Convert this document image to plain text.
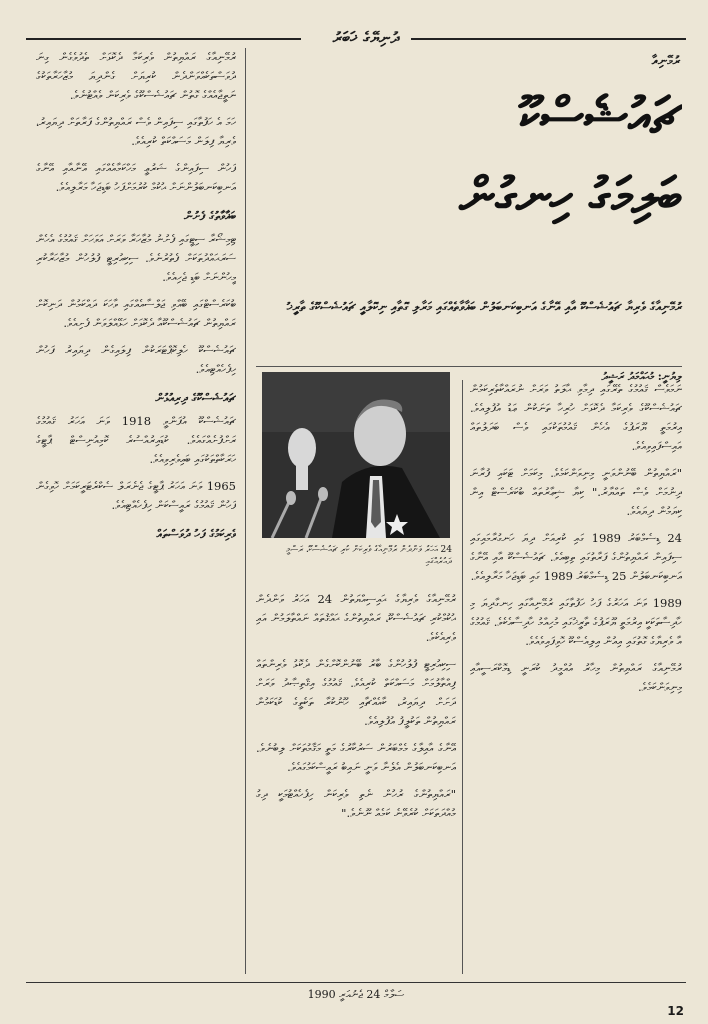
ދުނިޔޭގެ ޚަބަރު

ރުމޭނިއާގެ ރައްޔިތުން ވެރިކަމާ ދެކޮޅަށް ތެދުވެގެން ގިނަ ދުވަސްތަކެއްވަންދެން ކުރިޔަށް ގެންދިޔަ މުޒާހަރާތަކުގެ ނަތީޖާއެއްގެ ގޮތުން ޗައުޝެސްކޫގެ ވެރިކަން ވެއްޓުނެވެ.

ހަމަ އެ ހަފުތާގައި ސިފައިން ވެސް ރައްޔިތުންގެ ފަރާތަށް ދިޔައިރު، ވެރިޔާ ފިލަން މަސައްކަތް ކުރިއެވެ.

ފަހުން ސިފައިންގެ ޝަރުޢީ މަހްކަމާއެއްގައި އޭނާއާއި އޭނާގެ އަނބިކަނބަލުންނަށް ޙުކުމް ކުރުމަށްފަހު ބަޑިޖަހާ މަރާލިއެވެ.

ބަޣާވާތުގެ ފެށުން

ޓިމިޝޯރާ ސިޓީގައި ފެށުނު މުޒާހަރާ ވަރަށް އަވަހަށް ޤައުމުގެ އެހެން ސަރަޙައްދުތަކަށް ފެތުރުނެވެ. ސިކިއުރިޓީ ފުލުހުން މުޒާހަރާކުރި މީހުންނަށް ބަޑި ޖެހިއެވެ.

ބުކަރެސްޓްގައި ބޭއްވި ޖަލްސާއެއްގައި ވާހަކަ ދައްކަމުން ދަނިކޮށް ރައްޔިތުން ޗައުޝެސްކޫއާ ދެކޮޅަށް ހަޅޭއްލަވަން ފެށިއެވެ.

ޗައުޝެސްކޫ ހެލިކޮޕްޓަރަކުން ފިލައިގެން ދިޔައިރު ފަހުން ހިފެހެއްޓިއެވެ.

ޗައުޝެސްކޫގެ ދިރިއުޅުން

ޗައުޝެސްކޫ އުފަންވީ 1918 ވަނަ އަހަރު ޤައުމުގެ ރަށްފުށެއްގައެވެ. ކުޑައިރުއްސުރެ ކޮމިއުނިސްޓް ޕާޓީގެ ހަރަކާތްތަކުގައި ބައިވެރިވިއެވެ.

1965 ވަނަ އަހަރު ޕާޓީގެ ޖެނެރަލް ސެކްރެޓަރީކަމަށް ހޮވިގެން ފަހުން ޤައުމުގެ ރައީސްކަން ހިފެހެއްޓިއެވެ.

ވެރިކަމުގެ ފަހު ދުވަސްތައް
ރުމޭނިއާ
ޗައުޝެސްކޫ
ބަލިމަގު ހިނގުން
ރުމޭނިއާގެ ވެރިޔާ ޗައުޝެސްކޫ އާއި އޭނާގެ އަނބިކަނބަލުން ބަޣާވާތެއްގައި މަރާލި ގޮތާއި ނިކޮލާއީ ޗައުޝެސްކޫގެ ތާރީޚު
24 އަހަރު ވަންދެން ރުމޭނިއާގެ ވެރިކަން ކުރި ޗައުޝެސްކޫ، ރަސްމީ ދައުރެއްގައި

ރުމޭނިއާގެ ވެރިޔާގެ ޙައިސިއްޔަތުން 24 އަހަރު ވަންދެން ޙުކުމްކުރި ޗައުޝެސްކޫ، ރައްޔިތުންގެ ޙައްޤުތައް ނައްތާލަމުން އައި ވެރިއެކެވެ.

ސިކިއުރިޓީ ފުލުހުންގެ ބާރު ބޭނުންކޮށްގެން ދެކޮޅު ވެރިންތައް ފިއްތާލުމަށް މަސައްކަތް ކުރިއެވެ. ޤައުމުގެ އިޤްތިޞާދު ވަރަށް ދަށަށް ދިޔައިރު، ކާއެއްޗާއި ހޫނުކުރާ ތަކެތީގެ ކުޑަކަމުން ރައްޔިތުން ތަކުލީފު އުފުލިއެވެ.

އޭނާގެ އާއިލާގެ މެމްބަރުން ސަރުކާރުގެ މަތީ މަޤާމުތަކަށް ލިބުނެވެ. އަނބިކަނބަލުން އެލެނާ ވަނީ ނައިބު ރައީސްކަމުގައެވެ.

"ރައްޔިތުންގެ ރުހުން ނެތި ވެރިކަން ހިފެހެއްޓުމަކީ ދިގު މުއްދަތަކަށް ކުރެވޭނެ ކަމެއް ނޫނެވެ."

ލިޔުނީ: މުޙައްމަދު ރަޝީދު

ނަމަވެސް ޤައުމުގެ ތެރޭގައި ދިމާވި ޙާލަތު ވަރަށް ނުރައްކާތެރިކަމުން ޗައުޝެސްކޫގެ ވެރިކަމާ ދެކޮޅަށް ހުރިހާ ތަނަކުން ޢަޑު އުފުލިއެވެ. އިރުމަތީ ޔޫރަޕުގެ އެހެން ޤައުމުތަކުގައި ވެސް ބަދަލުތައް އައިސްފައިވިއެވެ.

"ރައްޔިތުން ބޭނުންވަނީ މިނިވަންކަމެވެ. މިކަމަށް ޓަކައި ފުރާނަ ދިނުމަށް ވެސް ތައްޔާރު." ކިޔާ ޝިޢާރުތައް ބުކަރެސްޓް އިން ކިޔަމުން ދިޔައެވެ.

24 ޑިސެމްބަރު 1989 ގައި ކުރިއަށް ދިޔަ ހަނގުރާމައިގައި ސިފައިން ރައްޔިތުންގެ ފަރާތުގައި ތިބިއެވެ. ޗައުޝެސްކޫ އާއި އޭނާގެ އަނބިކަނބަލުން 25 ޑިސެމްބަރު 1989 ގައި ބަޑިޖަހާ މަރާލިއެވެ.

1989 ވަނަ އަހަރުގެ ފަހު ހަފުތާގައި ރުމޭނިއާގައި ހިނގާދިޔަ މި ހާދިސާތަކަކީ އިރުމަތީ ޔޫރަޕުގެ ތާރީޚުގައި މުހިއްމު ހާދިސާއެކެވެ. ޤައުމުގެ އާ ވެރިޔާގެ ގޮތުގައި އިއުން އިލިއެސްކޫ ހޮވިފައިވެއެވެ.

ރުމޭނިއާގެ ރައްޔިތުން މިހާރު އުއްމީދު ކުރަނީ ޑިމޮކްރަސީއާއި މިނިވަންކަމެވެ.

ސަލާމް 24 ޖެނުއަރީ 1990
12
